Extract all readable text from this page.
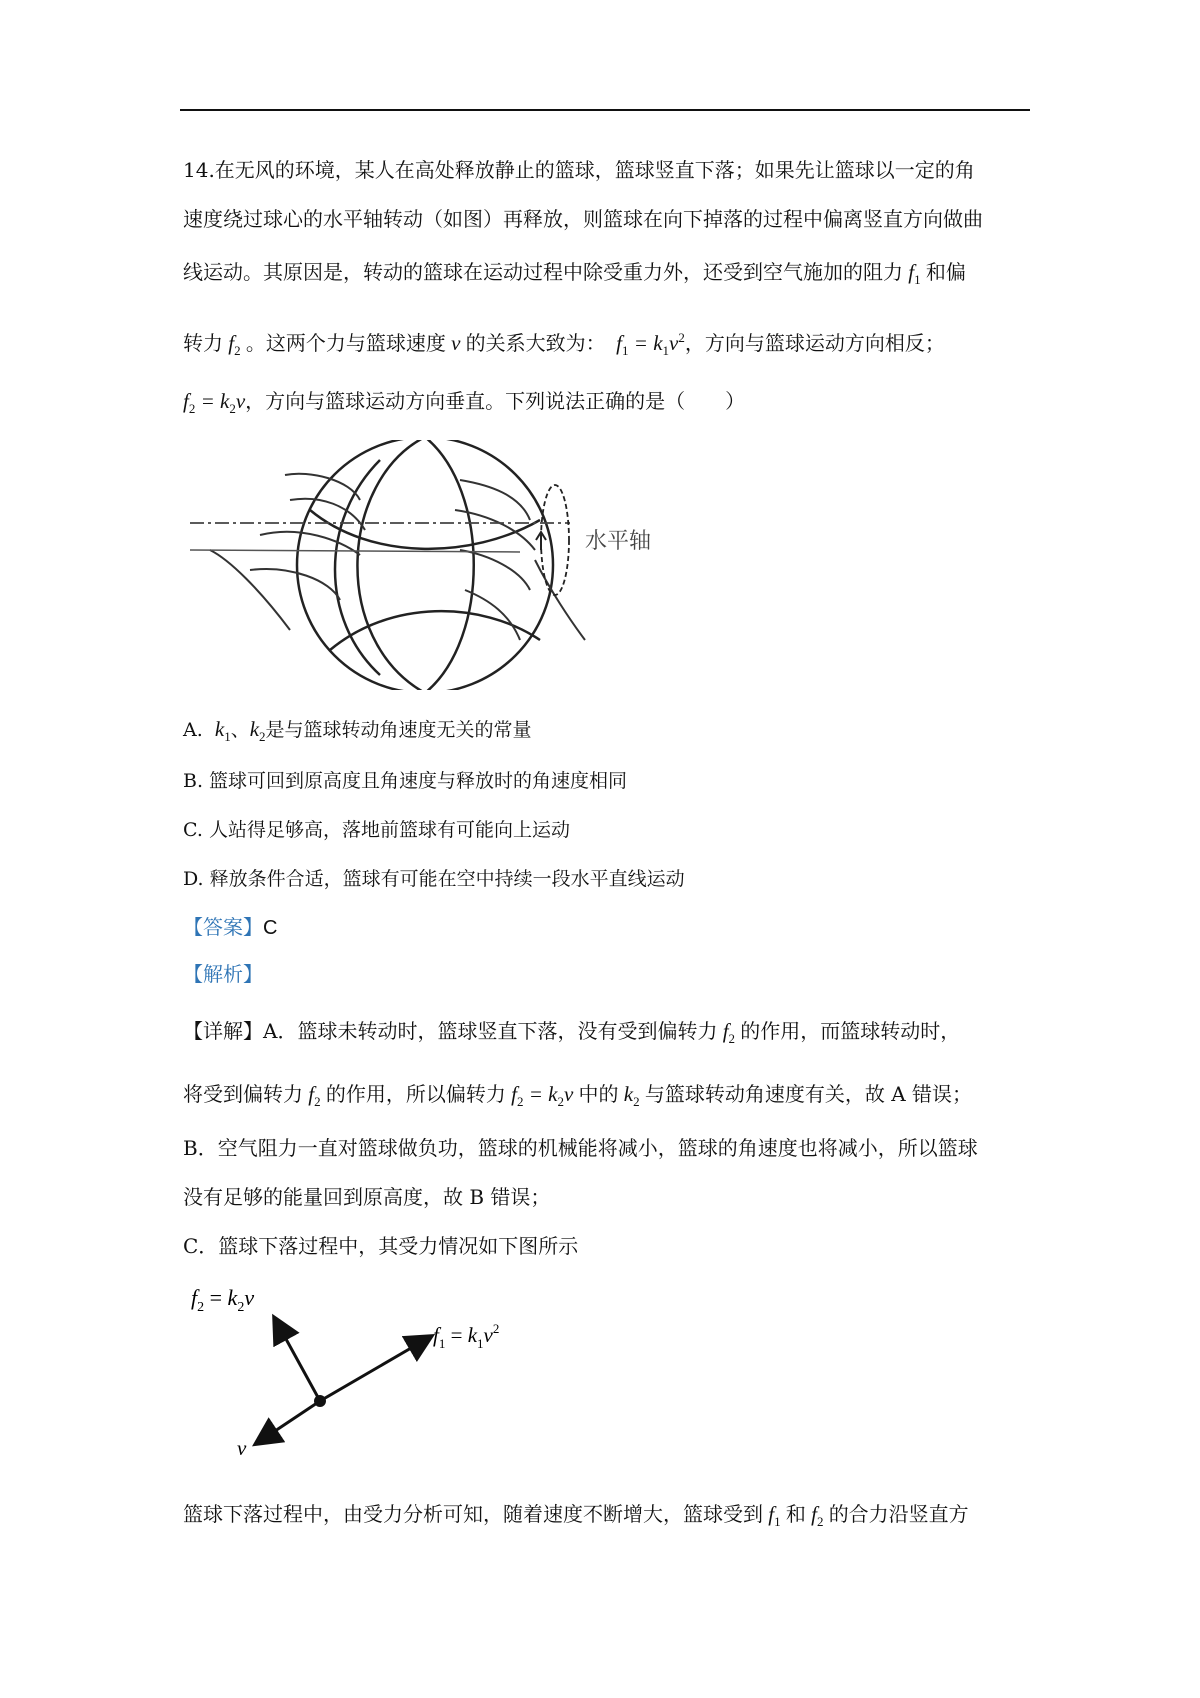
14.在无风的环境，某人在高处释放静止的篮球，篮球竖直下落；如果先让篮球以一定的角
速度绕过球心的水平轴转动（如图）再释放，则篮球在向下掉落的过程中偏离竖直方向做曲
线运动。其原因是，转动的篮球在运动过程中除受重力外，还受到空气施加的阻力 $f_1$ 和偏
转力 $f_2$ 。这两个力与篮球速度 v 的关系大致为： $f_1 = k_1v^2$，方向与篮球运动方向相反；
$f_2 = k_2v$，方向与篮球运动方向垂直。下列说法正确的是（　　）
水平轴
A. $k_1$、$k_2$是与篮球转动角速度无关的常量
B. 篮球可回到原高度且角速度与释放时的角速度相同
C. 人站得足够高，落地前篮球有可能向上运动
D. 释放条件合适，篮球有可能在空中持续一段水平直线运动
【答案】C
【解析】
【详解】A．篮球未转动时，篮球竖直下落，没有受到偏转力 $f_2$ 的作用，而篮球转动时，
将受到偏转力 $f_2$ 的作用，所以偏转力 $f_2 = k_2v$ 中的 $k_2$ 与篮球转动角速度有关，故 A 错误；
B．空气阻力一直对篮球做负功，篮球的机械能将减小，篮球的角速度也将减小，所以篮球
没有足够的能量回到原高度，故 B 错误；
C．篮球下落过程中，其受力情况如下图所示
$f_2 = k_2v$
$f_1 = k_1v^2$
v
篮球下落过程中，由受力分析可知，随着速度不断增大，篮球受到 $f_1$ 和 $f_2$ 的合力沿竖直方
